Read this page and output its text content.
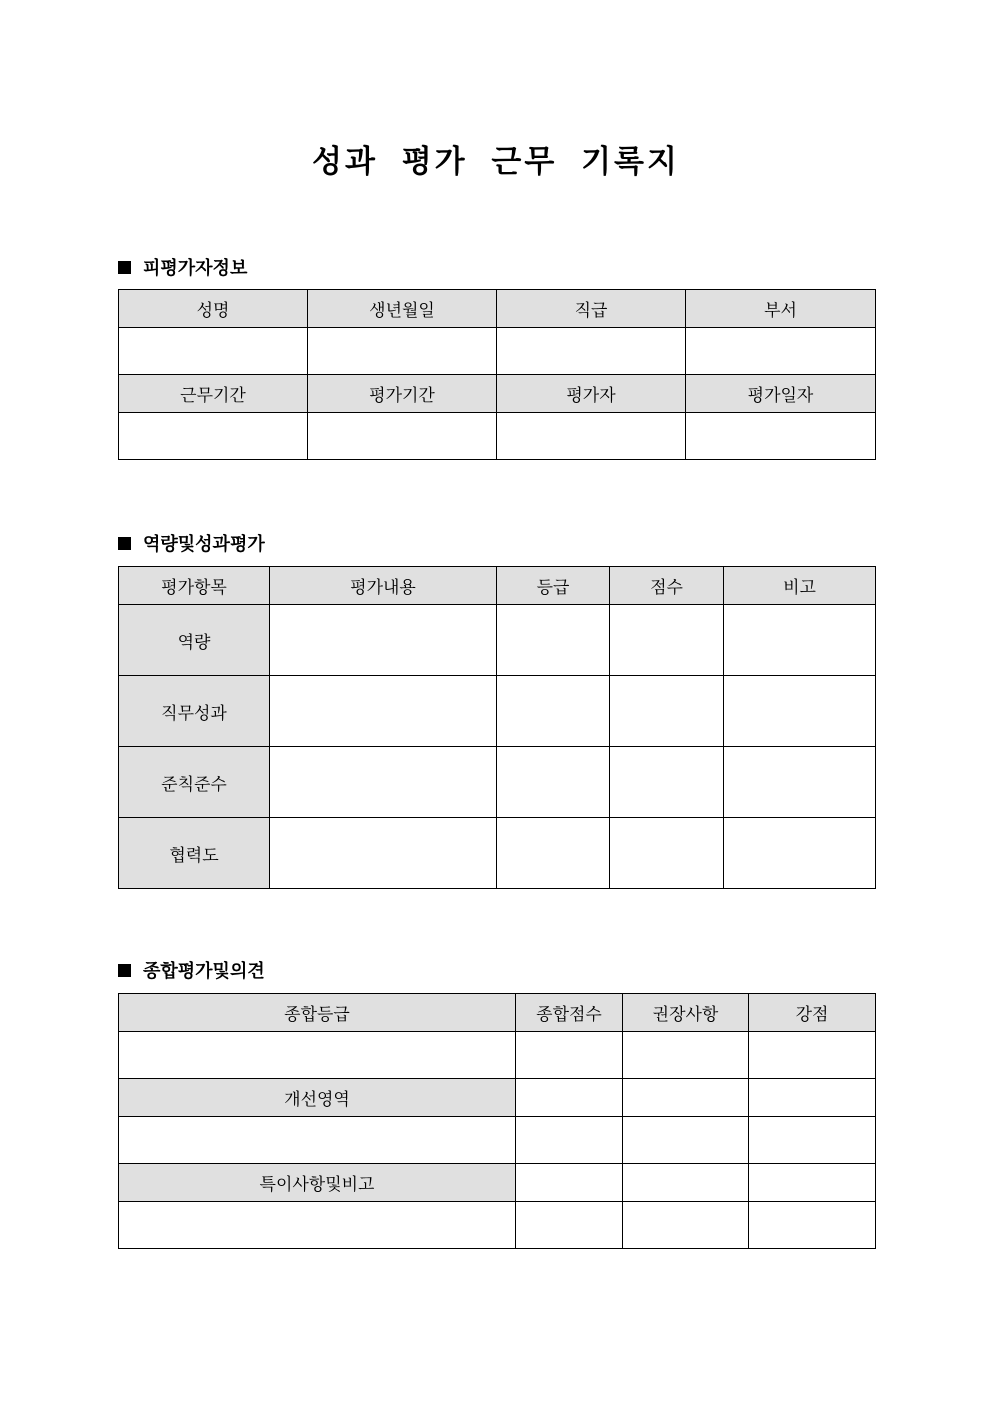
성과 평가 근무 기록지
피평가자정보
성명	생년월일	직급	부서

근무기간	평가기간	평가자	평가일자

역량및성과평가
평가항목	평가내용	등급	점수	비고
역량				
직무성과				
준칙준수				
협력도				
종합평가및의견
종합등급	종합점수	권장사항	강점

개선영역			

특이사항및비고			
